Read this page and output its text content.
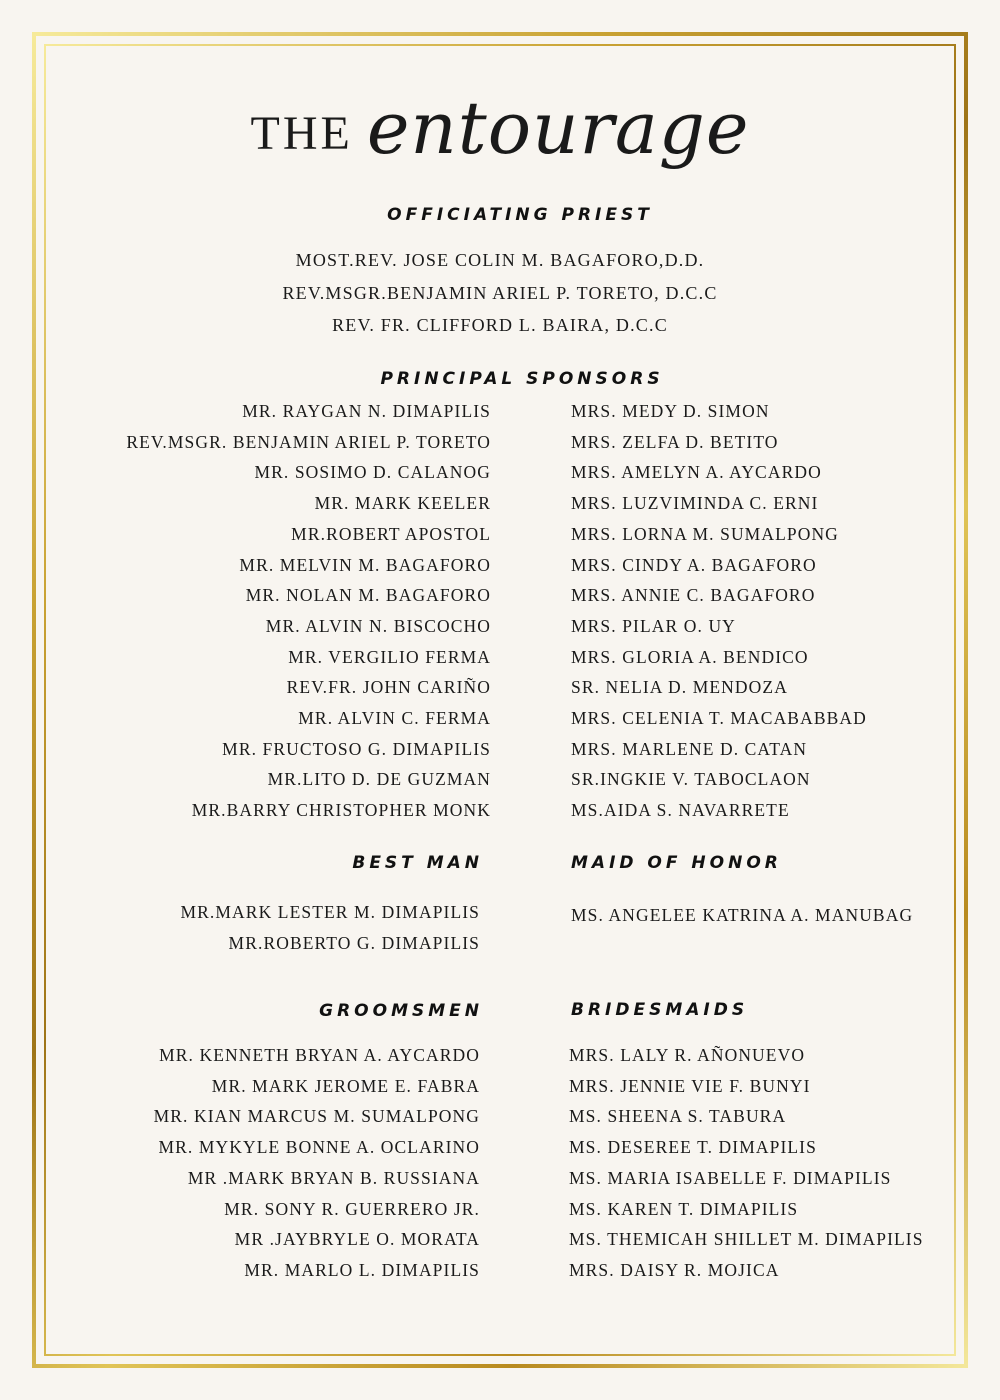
THE entourage
OFFICIATING PRIEST
MOST.REV. JOSE COLIN M. BAGAFORO,D.D.
REV.MSGR.BENJAMIN ARIEL P. TORETO, D.C.C
REV. FR. CLIFFORD L. BAIRA, D.C.C
PRINCIPAL SPONSORS
MR. RAYGAN N. DIMAPILIS
REV.MSGR. BENJAMIN ARIEL P. TORETO
MR. SOSIMO D. CALANOG
MR. MARK KEELER
MR.ROBERT APOSTOL
MR. MELVIN M. BAGAFORO
MR. NOLAN M. BAGAFORO
MR. ALVIN N. BISCOCHO
MR. VERGILIO FERMA
REV.FR. JOHN CARIÑO
MR. ALVIN C. FERMA
MR. FRUCTOSO G. DIMAPILIS
MR.LITO D. DE GUZMAN
MR.BARRY CHRISTOPHER MONK
MRS. MEDY D. SIMON
MRS. ZELFA D. BETITO
MRS. AMELYN A. AYCARDO
MRS. LUZVIMINDA C. ERNI
MRS. LORNA M. SUMALPONG
MRS. CINDY A. BAGAFORO
MRS. ANNIE C. BAGAFORO
MRS. PILAR O. UY
MRS. GLORIA A. BENDICO
SR. NELIA D. MENDOZA
MRS. CELENIA T. MACABABBAD
MRS. MARLENE D. CATAN
SR.INGKIE V. TABOCLAON
MS.AIDA S. NAVARRETE
BEST MAN	MAID OF HONOR
MR.MARK LESTER M. DIMAPILIS
MR.ROBERTO G. DIMAPILIS
MS. ANGELEE KATRINA A. MANUBAG
GROOMSMEN	BRIDESMAIDS
MR. KENNETH BRYAN A. AYCARDO
MR. MARK JEROME E. FABRA
MR. KIAN MARCUS M. SUMALPONG
MR. MYKYLE BONNE A. OCLARINO
MR .MARK BRYAN B. RUSSIANA
MR. SONY R. GUERRERO JR.
MR .JAYBRYLE O. MORATA
MR. MARLO L. DIMAPILIS
MRS. LALY R. AÑONUEVO
MRS. JENNIE VIE F. BUNYI
MS. SHEENA S. TABURA
MS. DESEREE T. DIMAPILIS
MS. MARIA ISABELLE F. DIMAPILIS
MS. KAREN T. DIMAPILIS
MS. THEMICAH SHILLET M. DIMAPILIS
MRS. DAISY R. MOJICA
